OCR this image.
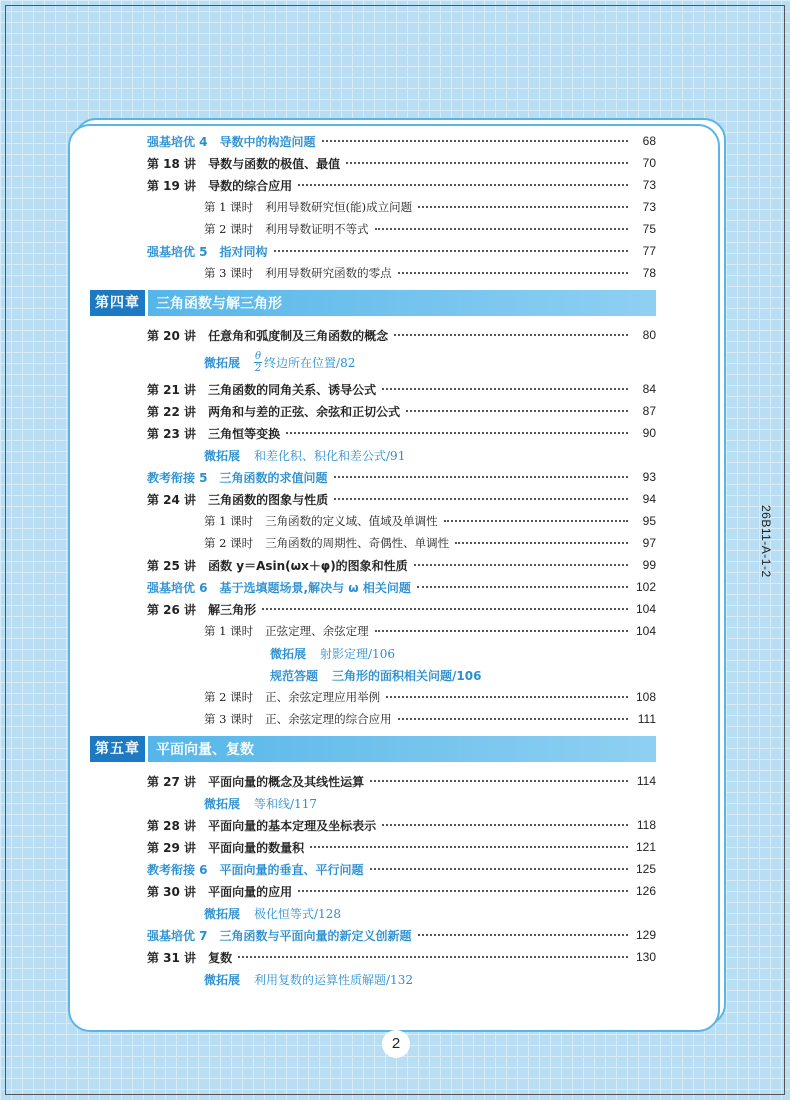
强基培优 4 导数中的构造问题	68
第 18 讲 导数与函数的极值、最值	70
第 19 讲 导数的综合应用	73
第 1 课时 利用导数研究恒(能)成立问题	73
第 2 课时 利用导数证明不等式	75
强基培优 5 指对同构	77
第 3 课时 利用导数研究函数的零点	78
第四章	三角函数与解三角形
第 20 讲 任意角和弧度制及三角函数的概念	80
微拓展 $\frac{\theta}{2}$ 终边所在位置/82
第 21 讲 三角函数的同角关系、诱导公式	84
第 22 讲 两角和与差的正弦、余弦和正切公式	87
第 23 讲 三角恒等变换	90
微拓展 和差化积、积化和差公式/91
教考衔接 5 三角函数的求值问题	93
第 24 讲 三角函数的图象与性质	94
第 1 课时 三角函数的定义域、值域及单调性	95
第 2 课时 三角函数的周期性、奇偶性、单调性	97
第 25 讲 函数 y＝Asin(ωx＋φ)的图象和性质	99
强基培优 6 基于选填题场景,解决与 ω 相关问题	102
第 26 讲 解三角形	104
第 1 课时 正弦定理、余弦定理	104
微拓展 射影定理/106
规范答题 三角形的面积相关问题/106
第 2 课时 正、余弦定理应用举例	108
第 3 课时 正、余弦定理的综合应用	111
第五章	平面向量、复数
第 27 讲 平面向量的概念及其线性运算	114
微拓展 等和线/117
第 28 讲 平面向量的基本定理及坐标表示	118
第 29 讲 平面向量的数量积	121
教考衔接 6 平面向量的垂直、平行问题	125
第 30 讲 平面向量的应用	126
微拓展 极化恒等式/128
强基培优 7 三角函数与平面向量的新定义创新题	129
第 31 讲 复数	130
微拓展 利用复数的运算性质解题/132
26B11-A-1-2
2
